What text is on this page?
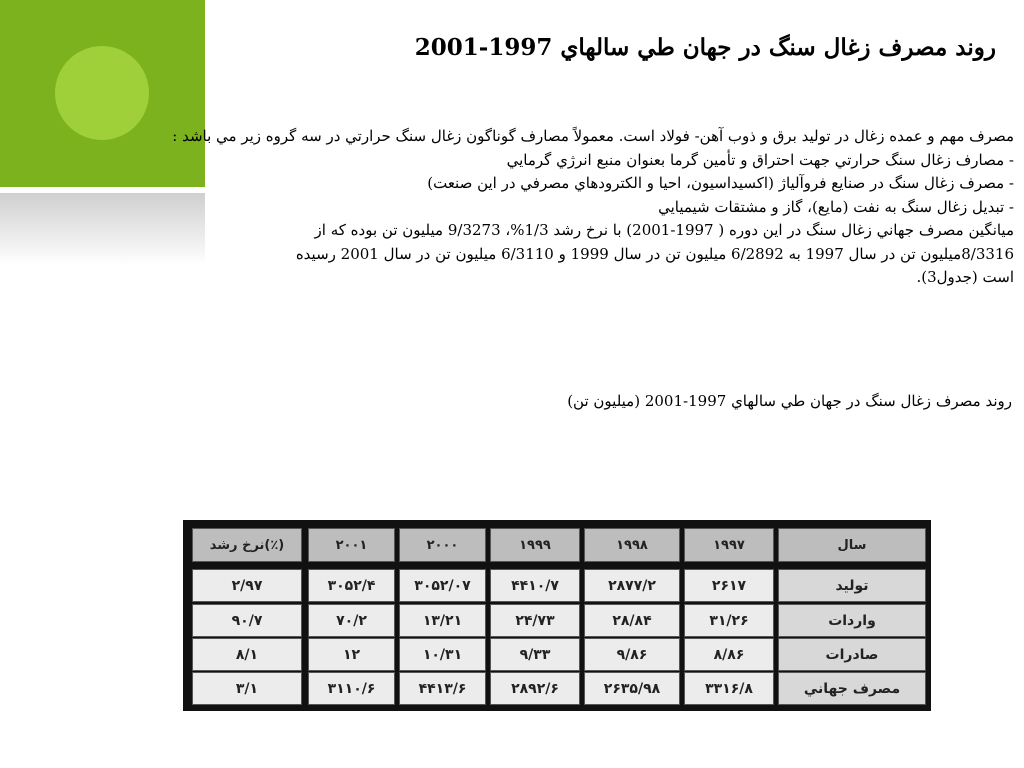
روند مصرف زغال سنگ در جهان طي سالهاي 1997-2001

مصرف مهم و عمده زغال در توليد برق و ذوب آهن- فولاد است. معمولاً مصارف گوناگون زغال سنگ حرارتي در سه گروه زير مي باشد :

- مصارف زغال سنگ حرارتي جهت احتراق و تأمين گرما بعنوان منبع انرژي گرمايي

- مصرف زغال سنگ در صنايع فروآلياژ (اكسيداسيون، احيا و الكترودهاي مصرفي در اين صنعت)

- تبديل زغال سنگ به نفت (مايع)، گاز و مشتقات شيميايي

ميانگين مصرف جهاني زغال سنگ در اين دوره ( 1997-2001) با نرخ رشد 1/3%، 9/3273 ميليون تن بوده كه از

8/3316ميليون تن در سال 1997 به 6/2892 ميليون تن در سال 1999 و 6/3110 ميليون تن در سال 2001 رسيده

است (جدول3).

روند مصرف زغال سنگ در جهان طي سالهاي 1997-2001 (ميليون تن)
نرخ رشد(٪)	۲۰۰۱	۲۰۰۰	۱۹۹۹	۱۹۹۸	۱۹۹۷	سال
۲/۹۷	۳۰۵۲/۴	۳۰۵۲/۰۷	۴۴۱۰/۷	۲۸۷۷/۲	۲۶۱۷	توليد
۹۰/۷	۷۰/۲	۱۳/۲۱	۲۴/۷۳	۲۸/۸۴	۳۱/۲۶	واردات
۸/۱	۱۲	۱۰/۳۱	۹/۳۳	۹/۸۶	۸/۸۶	صادرات
۳/۱	۳۱۱۰/۶	۴۴۱۳/۶	۲۸۹۲/۶	۲۶۳۵/۹۸	۳۳۱۶/۸	مصرف جهاني
